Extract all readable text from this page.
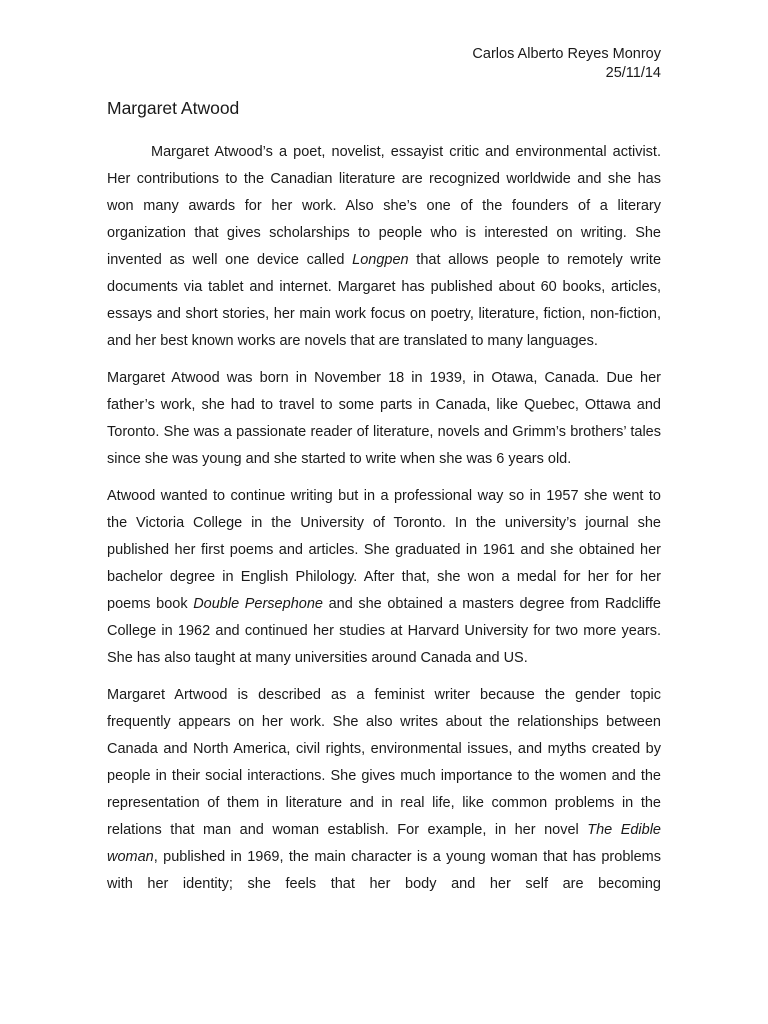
Carlos Alberto Reyes Monroy
25/11/14
Margaret Atwood

Margaret Atwood’s a poet, novelist, essayist critic and environmental activist. Her contributions to the Canadian literature are recognized worldwide and she has won many awards for her work. Also she’s one of the founders of a literary organization that gives scholarships to people who is interested on writing. She invented as well one device called Longpen that allows people to remotely write documents via tablet and internet. Margaret has published about 60 books, articles, essays and short stories, her main work focus on poetry, literature, fiction, non-fiction, and her best known works are novels that are translated to many languages.

Margaret Atwood was born in November 18 in 1939, in Otawa, Canada. Due her father’s work, she had to travel to some parts in Canada, like Quebec, Ottawa and Toronto. She was a passionate reader of literature, novels and Grimm’s brothers’ tales since she was young and she started to write when she was 6 years old.

Atwood wanted to continue writing but in a professional way so in 1957 she went to the Victoria College in the University of Toronto. In the university’s journal she published her first poems and articles. She graduated in 1961 and she obtained her bachelor degree in English Philology. After that, she won a medal for her for her poems book Double Persephone and she obtained a masters degree from Radcliffe College in 1962 and continued her studies at Harvard University for two more years. She has also taught at many universities around Canada and US.

Margaret Artwood is described as a feminist writer because the gender topic frequently appears on her work. She also writes about the relationships between Canada and North America, civil rights, environmental issues, and myths created by people in their social interactions. She gives much importance to the women and the representation of them in literature and in real life, like common problems in the relations that man and woman establish. For example, in her novel The Edible woman, published in 1969, the main character is a young woman that has problems with her identity; she feels that her body and her self are becoming
